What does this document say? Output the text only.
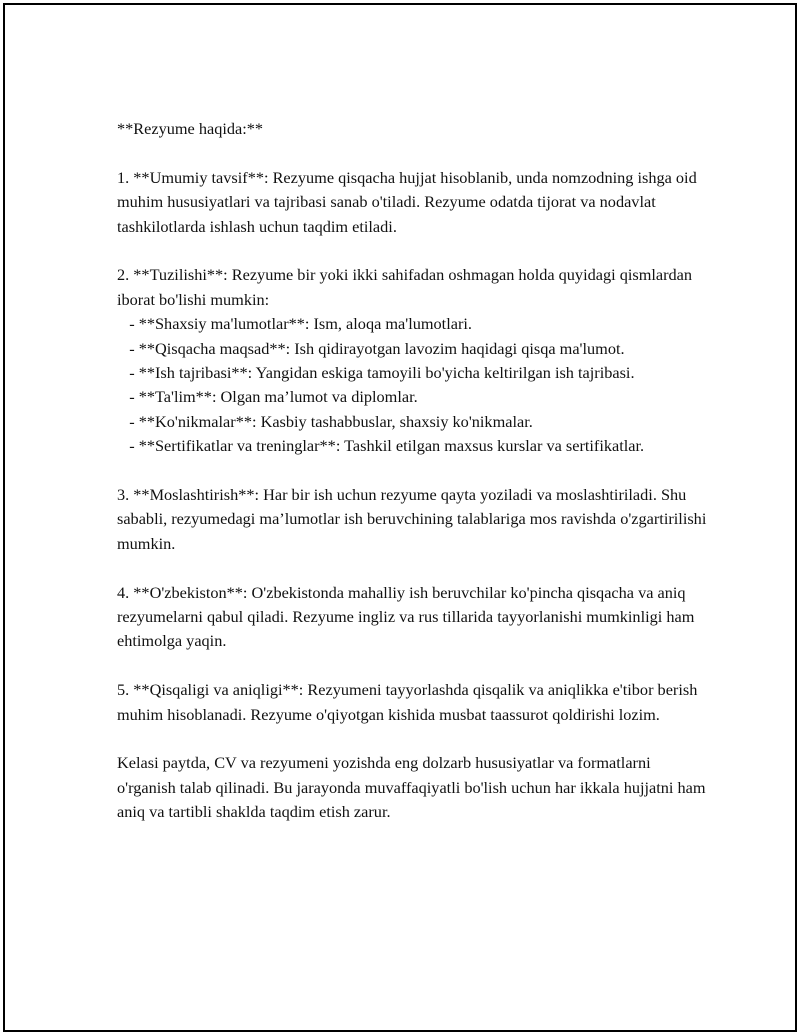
**Rezyume haqida:**

1. **Umumiy tavsif**: Rezyume qisqacha hujjat hisoblanib, unda nomzodning ishga oid muhim hususiyatlari va tajribasi sanab o'tiladi. Rezyume odatda tijorat va nodavlat tashkilotlarda ishlash uchun taqdim etiladi.

2. **Tuzilishi**: Rezyume bir yoki ikki sahifadan oshmagan holda quyidagi qismlardan iborat bo'lishi mumkin:

- **Shaxsiy ma'lumotlar**: Ism, aloqa ma'lumotlari.

- **Qisqacha maqsad**: Ish qidirayotgan lavozim haqidagi qisqa ma'lumot.

- **Ish tajribasi**: Yangidan eskiga tamoyili bo'yicha keltirilgan ish tajribasi.

- **Ta'lim**: Olgan ma’lumot va diplomlar.

- **Ko'nikmalar**: Kasbiy tashabbuslar, shaxsiy ko'nikmalar.

- **Sertifikatlar va treninglar**: Tashkil etilgan maxsus kurslar va sertifikatlar.

3. **Moslashtirish**: Har bir ish uchun rezyume qayta yoziladi va moslashtiriladi. Shu sababli, rezyumedagi ma’lumotlar ish beruvchining talablariga mos ravishda o'zgartirilishi mumkin.

4. **O'zbekiston**: O'zbekistonda mahalliy ish beruvchilar ko'pincha qisqacha va aniq rezyumelarni qabul qiladi. Rezyume ingliz va rus tillarida tayyorlanishi mumkinligi ham ehtimolga yaqin.

5. **Qisqaligi va aniqligi**: Rezyumeni tayyorlashda qisqalik va aniqlikka e'tibor berish muhim hisoblanadi. Rezyume o'qiyotgan kishida musbat taassurot qoldirishi lozim.

Kelasi paytda, CV va rezyumeni yozishda eng dolzarb hususiyatlar va formatlarni o'rganish talab qilinadi. Bu jarayonda muvaffaqiyatli bo'lish uchun har ikkala hujjatni ham aniq va tartibli shaklda taqdim etish zarur.
